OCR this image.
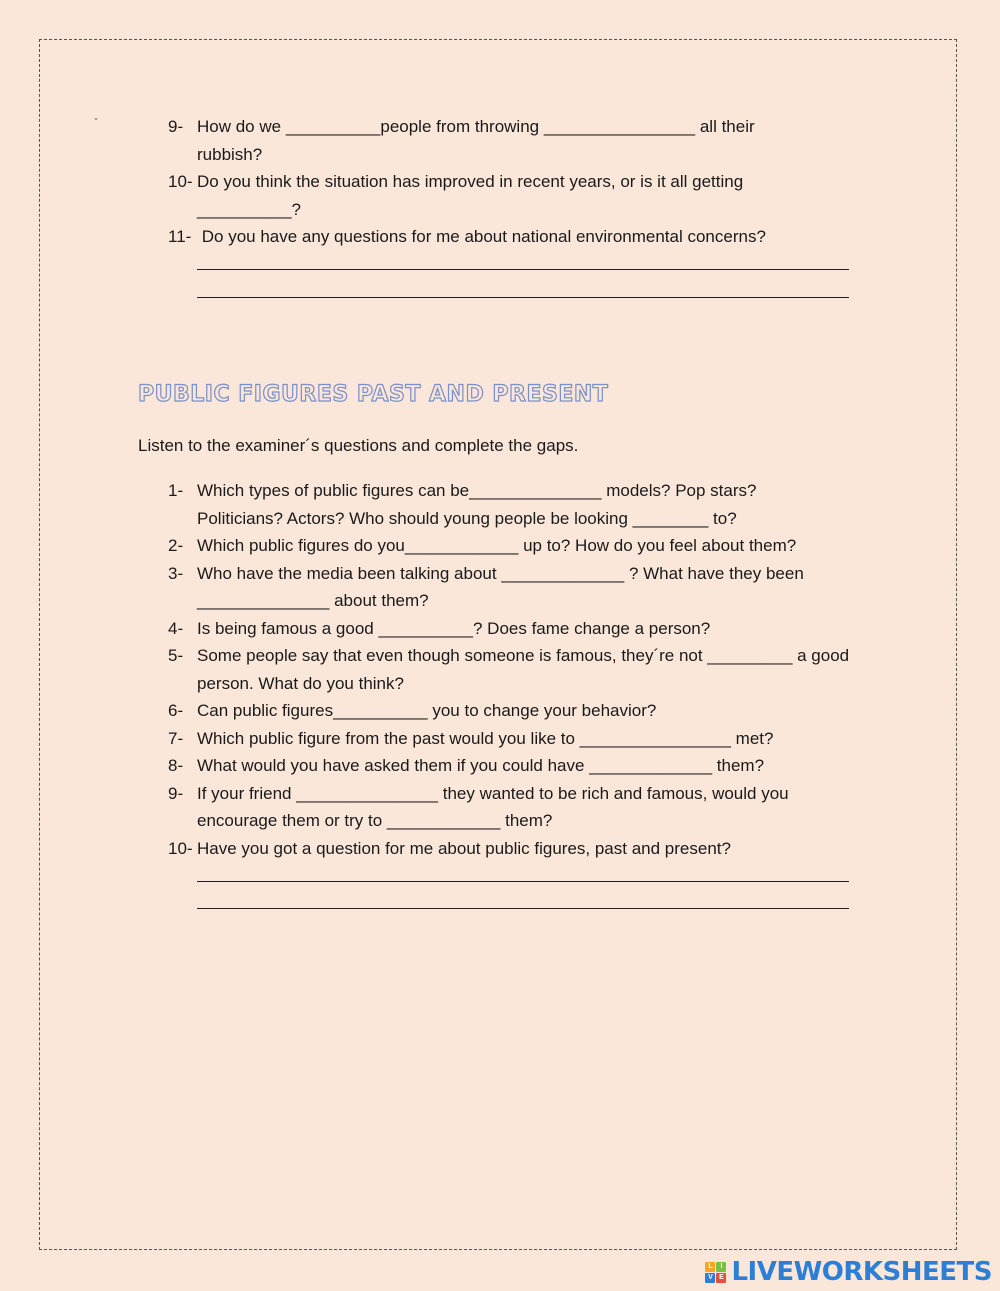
9- How do we __________people from throwing ________________ all their rubbish?
10- Do you think the situation has improved in recent years, or is it all getting __________?
11- Do you have any questions for me about national environmental concerns?
PUBLIC FIGURES PAST AND PRESENT

Listen to the examiner´s questions and complete the gaps.

1- Which types of public figures can be______________ models? Pop stars? Politicians? Actors? Who should young people be looking ________ to?
2- Which public figures do you____________ up to? How do you feel about them?
3- Who have the media been talking about _____________ ? What have they been ______________ about them?
4- Is being famous a good __________? Does fame change a person?
5- Some people say that even though someone is famous, they´re not _________ a good person. What do you think?
6- Can public figures__________ you to change your behavior?
7- Which public figure from the past would you like to ________________ met?
8- What would you have asked them if you could have _____________ them?
9- If your friend _______________ they wanted to be rich and famous, would you encourage them or try to ____________ them?
10- Have you got a question for me about public figures, past and present?
L	I
V E LIVEWORKSHEETS
